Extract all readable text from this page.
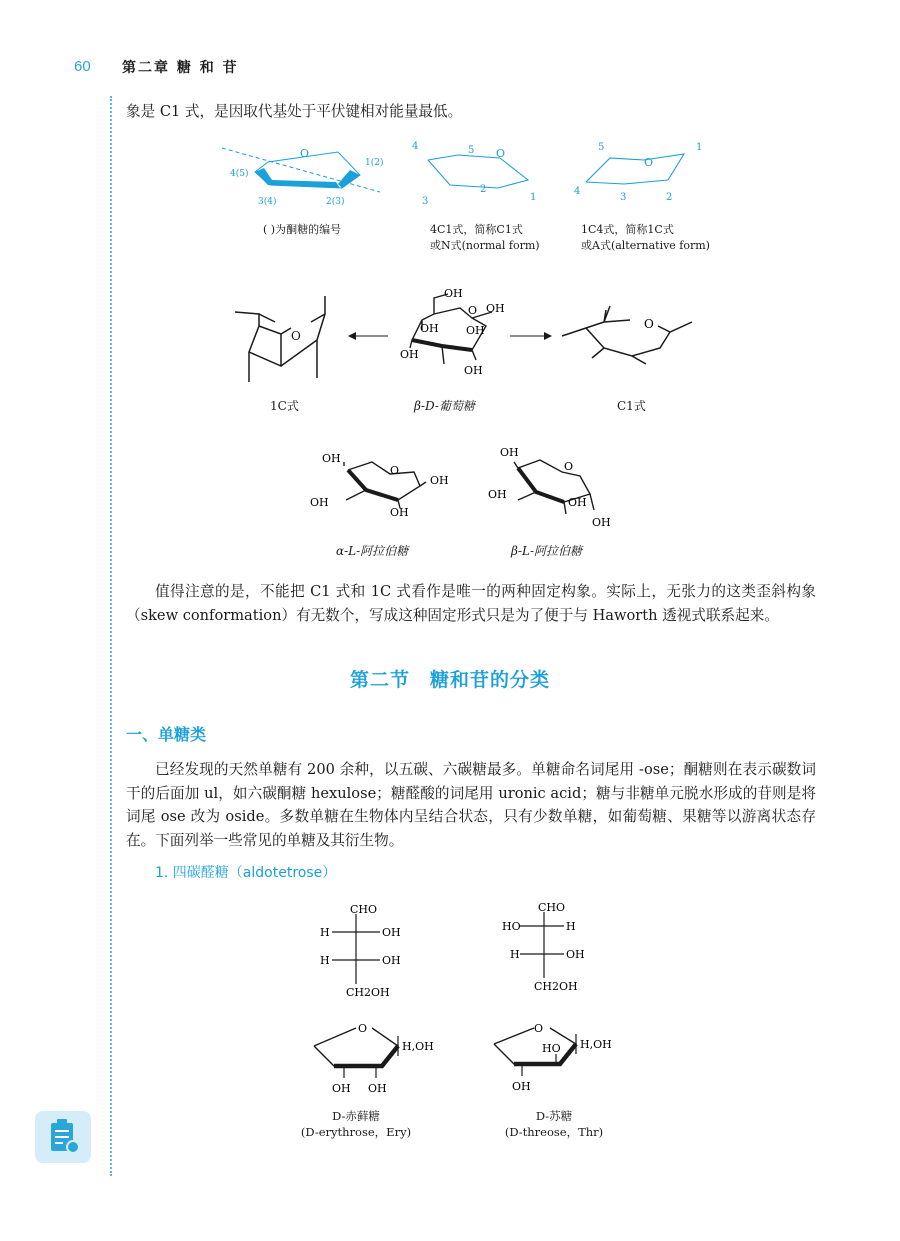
60 第二章 糖 和 苷
象是 C1 式，是因取代基处于平伏键相对能量最低。
O
1(2)
4(5)
3(4)	2(3)
( )为酮糖的编号
4	5 O
3
2
1
4C1式，简称C1式
或N式(normal form)
5
O
1
4
3	2
1C4式，简称1C式
或A式(alternative form)
O
1C式
OH
O OH
OH OH
OH
OH
β-D-葡萄糖
O
C1式
OH
O
OH
OH
OH
α-L-阿拉伯糖
OH
O
OH
OH
OH
β-L-阿拉伯糖
值得注意的是，不能把 C1 式和 1C 式看作是唯一的两种固定构象。实际上，无张力的这类歪斜构象（skew conformation）有无数个，写成这种固定形式只是为了便于与 Haworth 透视式联系起来。
第二节　糖和苷的分类
一、单糖类
已经发现的天然单糖有 200 余种，以五碳、六碳糖最多。单糖命名词尾用 -ose；酮糖则在表示碳数词干的后面加 ul，如六碳酮糖 hexulose；糖醛酸的词尾用 uronic acid；糖与非糖单元脱水形成的苷则是将词尾 ose 改为 oside。多数单糖在生物体内呈结合状态，只有少数单糖，如葡萄糖、果糖等以游离状态存在。下面列举一些常见的单糖及其衍生物。
1. 四碳醛糖（aldotetrose）
CHO
H	OH
H	OH
CH2OH
CHO
HO	H
H	OH
CH2OH
O
H,OH
OH OH
O
HO H,OH
OH
D-赤藓糖
(D-erythrose，Ery)
D-苏糖
(D-threose，Thr)
